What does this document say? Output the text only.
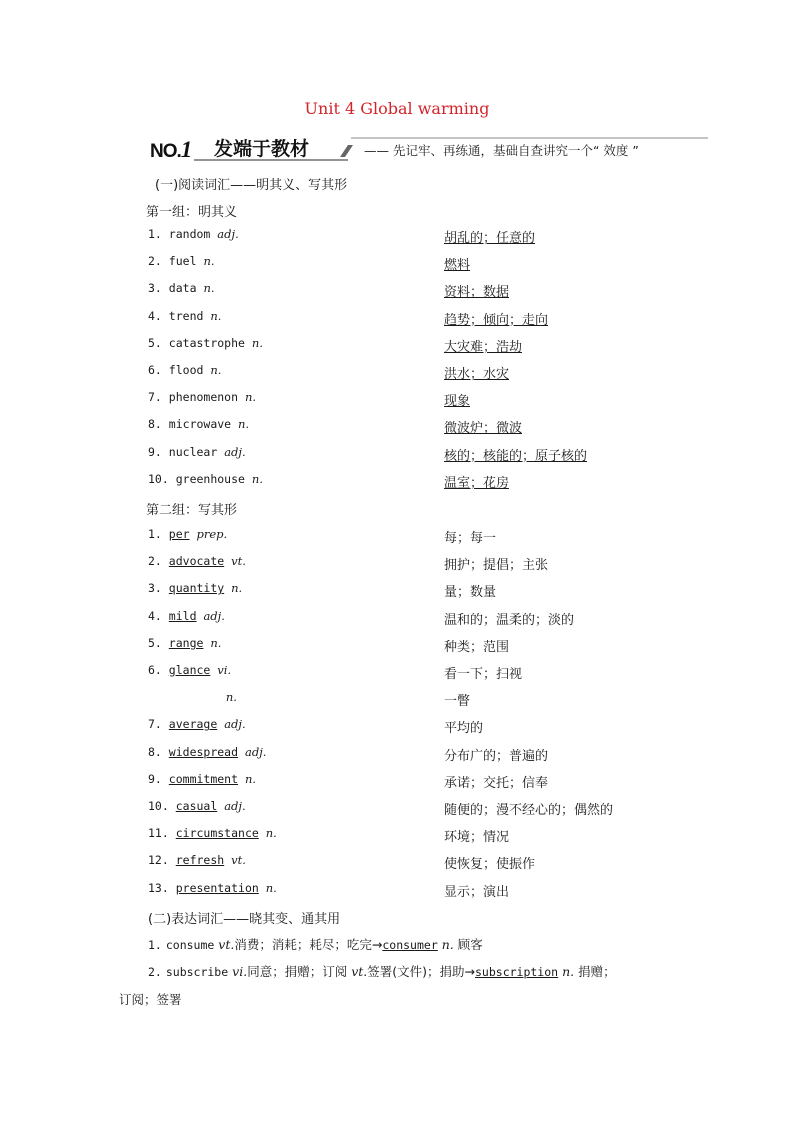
Unit 4 Global warming
NO.1 发端于教材	—— 先记牢、再练通，基础自查讲究一个“ 效度 ”
(一)阅读词汇——明其义、写其形
第一组：明其义
1. random adj.	胡乱的；任意的
2. fuel n.	燃料
3. data n.	资料；数据
4. trend n.	趋势；倾向；走向
5. catastrophe n.	大灾难；浩劫
6. flood n.	洪水；水灾
7. phenomenon n.	现象
8. microwave n.	微波炉；微波
9. nuclear adj.	核的；核能的；原子核的
10. greenhouse n.	温室；花房
第二组：写其形
1. per prep.	每；每一
2. advocate vt.	拥护；提倡；主张
3. quantity n.	量；数量
4. mild adj.	温和的；温柔的；淡的
5. range n.	种类；范围
6. glance vi.	看一下；扫视
n.	一瞥
7. average adj.	平均的
8. widespread adj.	分布广的；普遍的
9. commitment n.	承诺；交托；信奉
10. casual adj.	随便的；漫不经心的；偶然的
11. circumstance n.	环境；情况
12. refresh vt.	使恢复；使振作
13. presentation n.	显示；演出
(二)表达词汇——晓其变、通其用
1. consume vt.消费；消耗；耗尽；吃完→consumer n. 顾客
2. subscribe vi.同意；捐赠；订阅 vt.签署(文件)；捐助→subscription n. 捐赠；
订阅；签署
